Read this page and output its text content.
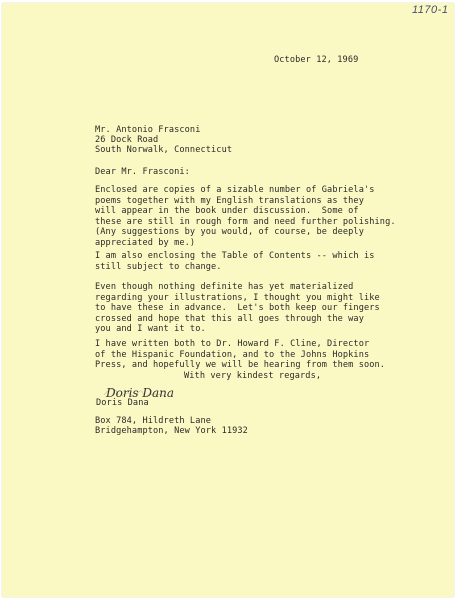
1170-1

October 12, 1969

Mr. Antonio Frasconi

26 Dock Road

South Norwalk, Connecticut

Dear Mr. Frasconi:

Enclosed are copies of a sizable number of Gabriela's
poems together with my English translations as they
will appear in the book under discussion.  Some of
these are still in rough form and need further polishing.
(Any suggestions by you would, of course, be deeply
appreciated by me.)

I am also enclosing the Table of Contents -- which is
still subject to change.

Even though nothing definite has yet materialized
regarding your illustrations, I thought you might like
to have these in advance.  Let's both keep our fingers
crossed and hope that this all goes through the way
you and I want it to.

I have written both to Dr. Howard F. Cline, Director
of the Hispanic Foundation, and to the Johns Hopkins
Press, and hopefully we will be hearing from them soon.

With very kindest regards,

Doris Dana

Doris Dana

Box 784, Hildreth Lane

Bridgehampton, New York 11932
